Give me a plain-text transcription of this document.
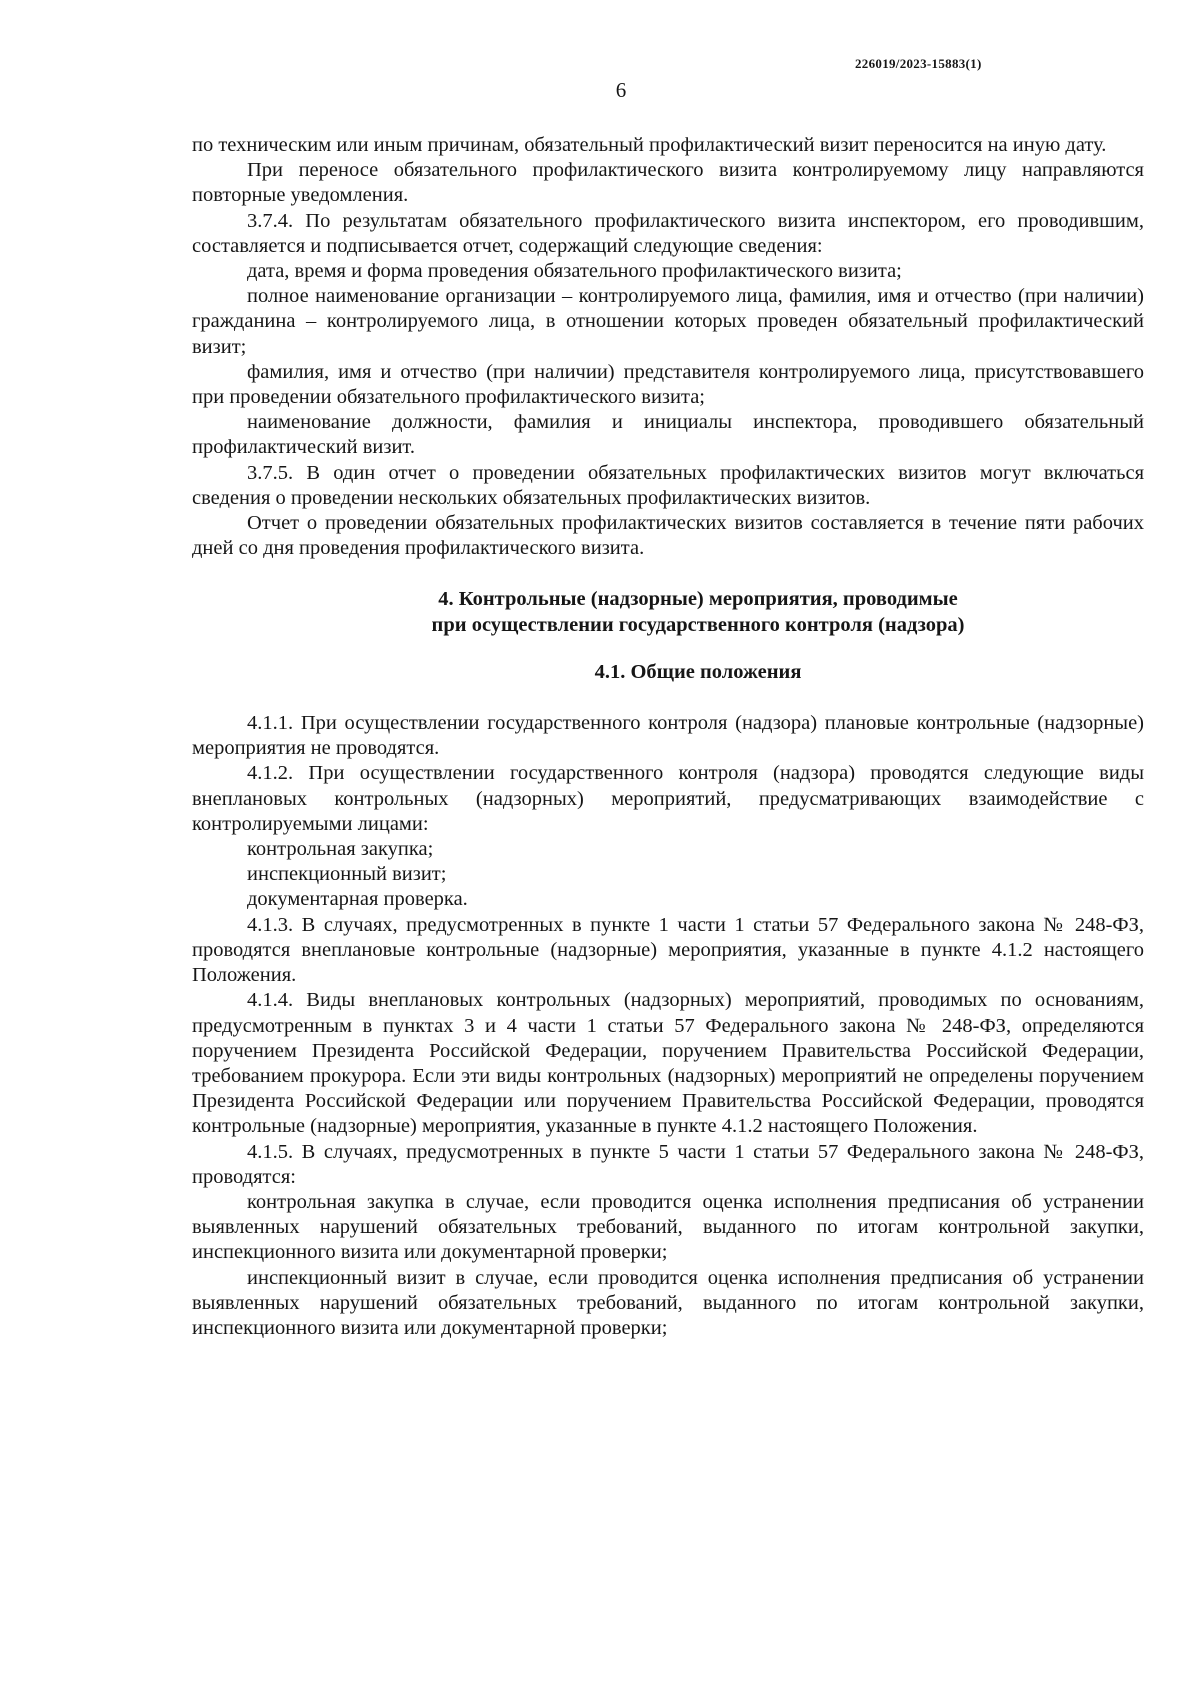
226019/2023-15883(1)
6

по техническим или иным причинам, обязательный профилактический визит переносится на иную дату.

При переносе обязательного профилактического визита контролируемому лицу направляются повторные уведомления.

3.7.4. По результатам обязательного профилактического визита инспектором, его проводившим, составляется и подписывается отчет, содержащий следующие сведения:

дата, время и форма проведения обязательного профилактического визита;

полное наименование организации – контролируемого лица, фамилия, имя и отчество (при наличии) гражданина – контролируемого лица, в отношении которых проведен обязательный профилактический визит;

фамилия, имя и отчество (при наличии) представителя контролируемого лица, присутствовавшего при проведении обязательного профилактического визита;

наименование должности, фамилия и инициалы инспектора, проводившего обязательный профилактический визит.

3.7.5. В один отчет о проведении обязательных профилактических визитов могут включаться сведения о проведении нескольких обязательных профилактических визитов.

Отчет о проведении обязательных профилактических визитов составляется в течение пяти рабочих дней со дня проведения профилактического визита.

4. Контрольные (надзорные) мероприятия, проводимые
при осуществлении государственного контроля (надзора)
4.1. Общие положения

4.1.1. При осуществлении государственного контроля (надзора) плановые контрольные (надзорные) мероприятия не проводятся.

4.1.2. При осуществлении государственного контроля (надзора) проводятся следующие виды внеплановых контрольных (надзорных) мероприятий, предусматривающих взаимодействие с контролируемыми лицами:

контрольная закупка;

инспекционный визит;

документарная проверка.

4.1.3. В случаях, предусмотренных в пункте 1 части 1 статьи 57 Федерального закона № 248-ФЗ, проводятся внеплановые контрольные (надзорные) мероприятия, указанные в пункте 4.1.2 настоящего Положения.

4.1.4. Виды внеплановых контрольных (надзорных) мероприятий, проводимых по основаниям, предусмотренным в пунктах 3 и 4 части 1 статьи 57 Федерального закона № 248-ФЗ, определяются поручением Президента Российской Федерации, поручением Правительства Российской Федерации, требованием прокурора. Если эти виды контрольных (надзорных) мероприятий не определены поручением Президента Российской Федерации или поручением Правительства Российской Федерации, проводятся контрольные (надзорные) мероприятия, указанные в пункте 4.1.2 настоящего Положения.

4.1.5. В случаях, предусмотренных в пункте 5 части 1 статьи 57 Федерального закона № 248-ФЗ, проводятся:

контрольная закупка в случае, если проводится оценка исполнения предписания об устранении выявленных нарушений обязательных требований, выданного по итогам контрольной закупки, инспекционного визита или документарной проверки;

инспекционный визит в случае, если проводится оценка исполнения предписания об устранении выявленных нарушений обязательных требований, выданного по итогам контрольной закупки, инспекционного визита или документарной проверки;
